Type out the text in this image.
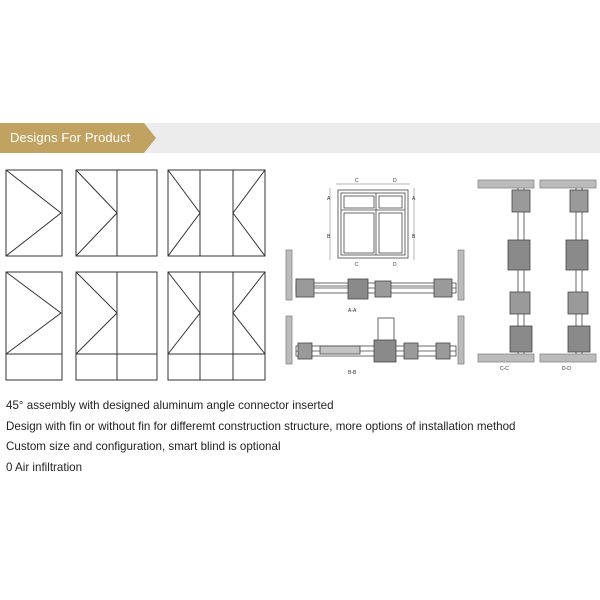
Designs For Product
C	D
A	A
B	B
C	D
A-A
B-B
C-C	D-D
45° assembly with designed aluminum angle connector inserted
Design with fin or without fin for differemt construction structure, more options of installation method
Custom size and configuration, smart blind is optional
0 Air infiltration
